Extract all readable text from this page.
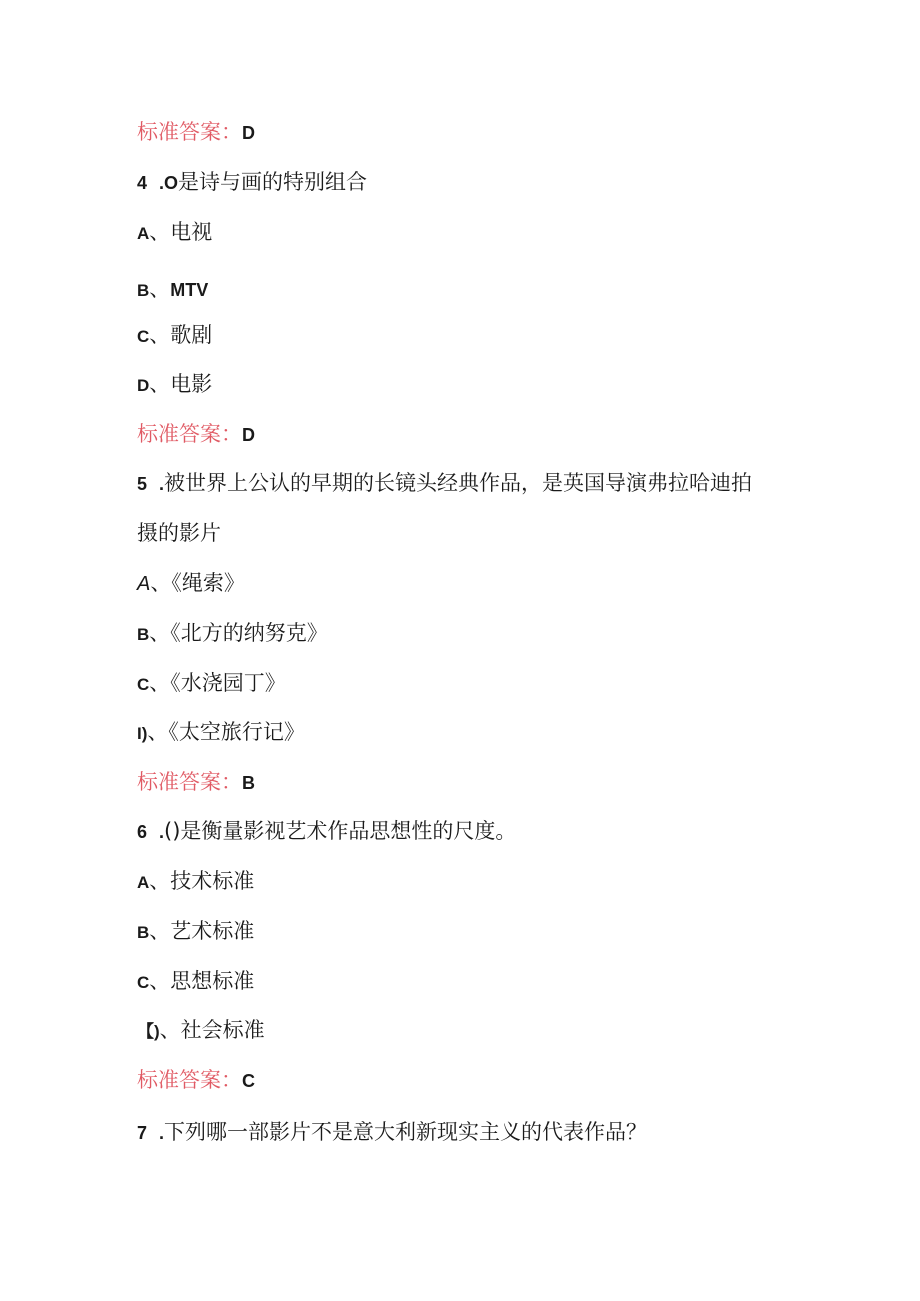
标准答案：D
4 .O是诗与画的特别组合
A、电视
B、MTV
C、歌剧
D、电影
标准答案：D
5 .被世界上公认的早期的长镜头经典作品，是英国导演弗拉哈迪拍
摄的影片
A、《绳索》
B、《北方的纳努克》
C、《水浇园丁》
I)、《太空旅行记》
标准答案：B
6 .()是衡量影视艺术作品思想性的尺度。
A、技术标准
B、艺术标准
C、思想标准
【)、社会标准
标准答案：C
7 .下列哪一部影片不是意大利新现实主义的代表作品？
